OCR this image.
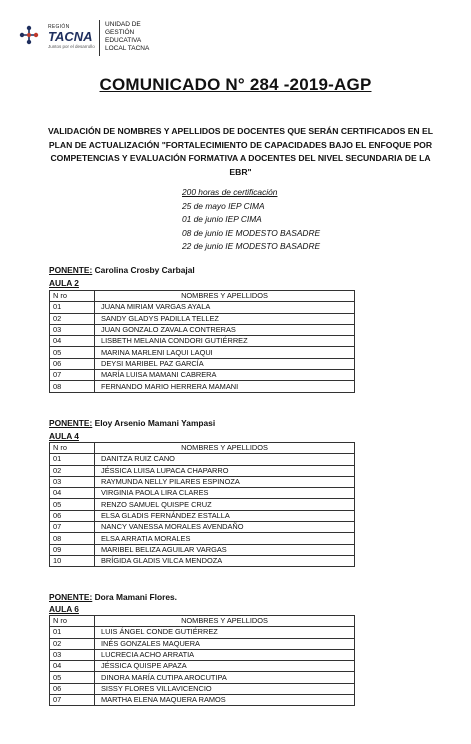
REGIÓN
TACNA
Juntos por el desarrollo
UNIDAD DE
GESTIÓN
EDUCATIVA
LOCAL TACNA
COMUNICADO N° 284 -2019-AGP
VALIDACIÓN DE NOMBRES Y APELLIDOS DE DOCENTES QUE SERÁN CERTIFICADOS EN EL PLAN DE ACTUALIZACIÓN "FORTALECIMIENTO DE CAPACIDADES BAJO EL ENFOQUE POR COMPETENCIAS Y EVALUACIÓN FORMATIVA A DOCENTES DEL NIVEL SECUNDARIA DE LA EBR"
200 horas de certificación
25 de mayo IEP CIMA
01 de junio IEP CIMA
08 de junio IE MODESTO BASADRE
22 de junio IE MODESTO BASADRE
PONENTE: Carolina Crosby Carbajal
AULA 2
N ro	NOMBRES Y APELLIDOS
01	JUANA MIRIAM VARGAS AYALA
02	SANDY GLADYS PADILLA TELLEZ
03	JUAN GONZALO ZAVALA CONTRERAS
04	LISBETH MELANIA CONDORI GUTIÉRREZ
05	MARINA MARLENI LAQUI LAQUI
06	DEYSI MARIBEL PAZ GARCÍA
07	MARÍA LUISA MAMANI CABRERA
08	FERNANDO MARIO HERRERA MAMANI
PONENTE: Eloy Arsenio Mamani Yampasi
AULA 4
N ro	NOMBRES Y APELLIDOS
01	DANITZA RUIZ CANO
02	JÉSSICA LUISA LUPACA CHAPARRO
03	RAYMUNDA NELLY PILARES ESPINOZA
04	VIRGINIA PAOLA LIRA CLARES
05	RENZO SAMUEL QUISPE CRUZ
06	ELSA GLADIS FERNÁNDEZ ESTALLA
07	NANCY VANESSA MORALES AVENDAÑO
08	ELSA ARRATIA MORALES
09	MARIBEL BELIZA AGUILAR VARGAS
10	BRÍGIDA GLADIS VILCA MENDOZA
PONENTE: Dora Mamani Flores.
AULA 6
N ro	NOMBRES Y APELLIDOS
01	LUIS ÁNGEL CONDE GUTIÉRREZ
02	INÉS GONZALES MAQUERA
03	LUCRECIA ACHO ARRATIA
04	JÉSSICA QUISPE APAZA
05	DINORA MARÍA CUTIPA AROCUTIPA
06	SISSY FLORES VILLAVICENCIO
07	MARTHA ELENA MAQUERA RAMOS
